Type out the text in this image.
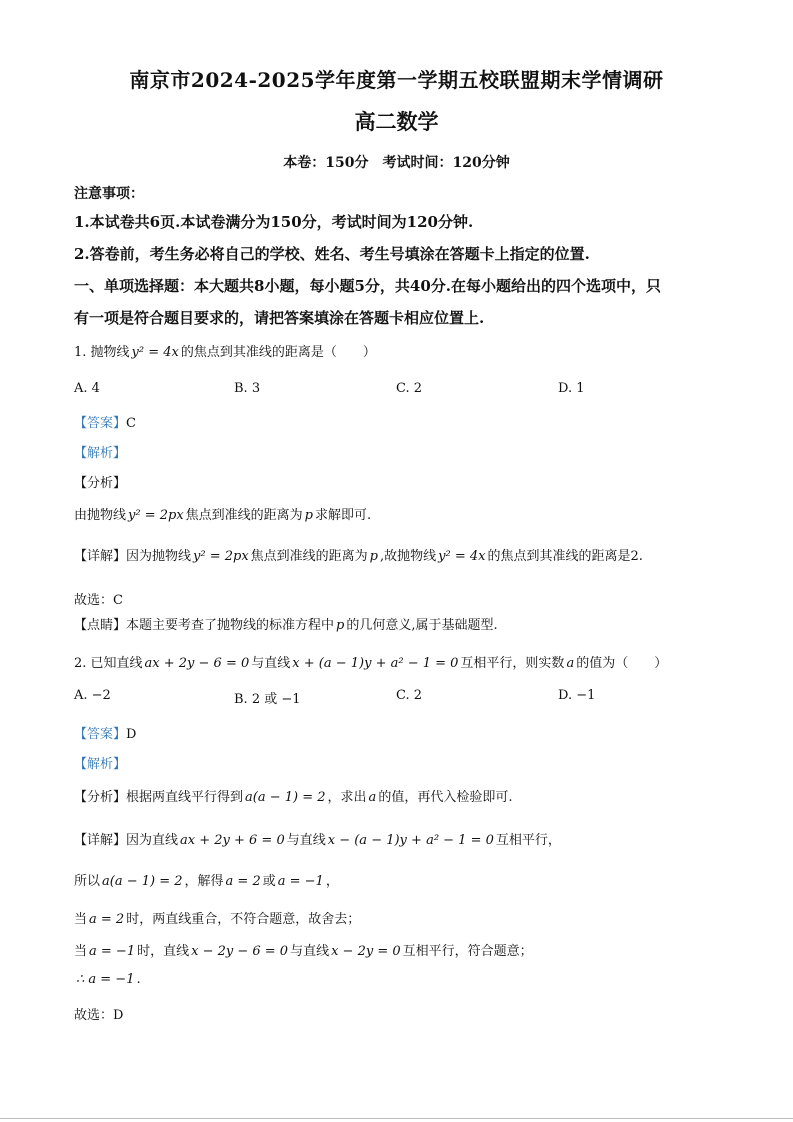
南京市2024-2025学年度第一学期五校联盟期末学情调研
高二数学
本卷：150分　考试时间：120分钟
注意事项：
1.本试卷共6页.本试卷满分为150分，考试时间为120分钟.
2.答卷前，考生务必将自己的学校、姓名、考生号填涂在答题卡上指定的位置.
一、单项选择题：本大题共8小题，每小题5分，共40分.在每小题给出的四个选项中，只
有一项是符合题目要求的，请把答案填涂在答题卡相应位置上.
1. 抛物线 y² = 4x 的焦点到其准线的距离是（　　）
A. 4	B. 3	C. 2	D. 1
【答案】C
【解析】
【分析】
由抛物线 y² = 2px 焦点到准线的距离为 p 求解即可.
【详解】因为抛物线 y² = 2px 焦点到准线的距离为 p ,故抛物线 y² = 4x 的焦点到其准线的距离是2.
故选：C
【点睛】本题主要考查了抛物线的标准方程中 p 的几何意义,属于基础题型.
2. 已知直线 ax + 2y − 6 = 0 与直线 x + (a − 1)y + a² − 1 = 0 互相平行，则实数 a 的值为（　　）
A. −2	B. 2 或 −1	C. 2	D. −1
【答案】D
【解析】
【分析】根据两直线平行得到 a(a − 1) = 2 ，求出 a 的值，再代入检验即可.
【详解】因为直线 ax + 2y + 6 = 0 与直线 x − (a − 1)y + a² − 1 = 0 互相平行，
所以 a(a − 1) = 2 ，解得 a = 2 或 a = −1 ，
当 a = 2 时，两直线重合，不符合题意，故舍去；
当 a = −1 时，直线 x − 2y − 6 = 0 与直线 x − 2y = 0 互相平行，符合题意；
∴ a = −1 .
故选：D
